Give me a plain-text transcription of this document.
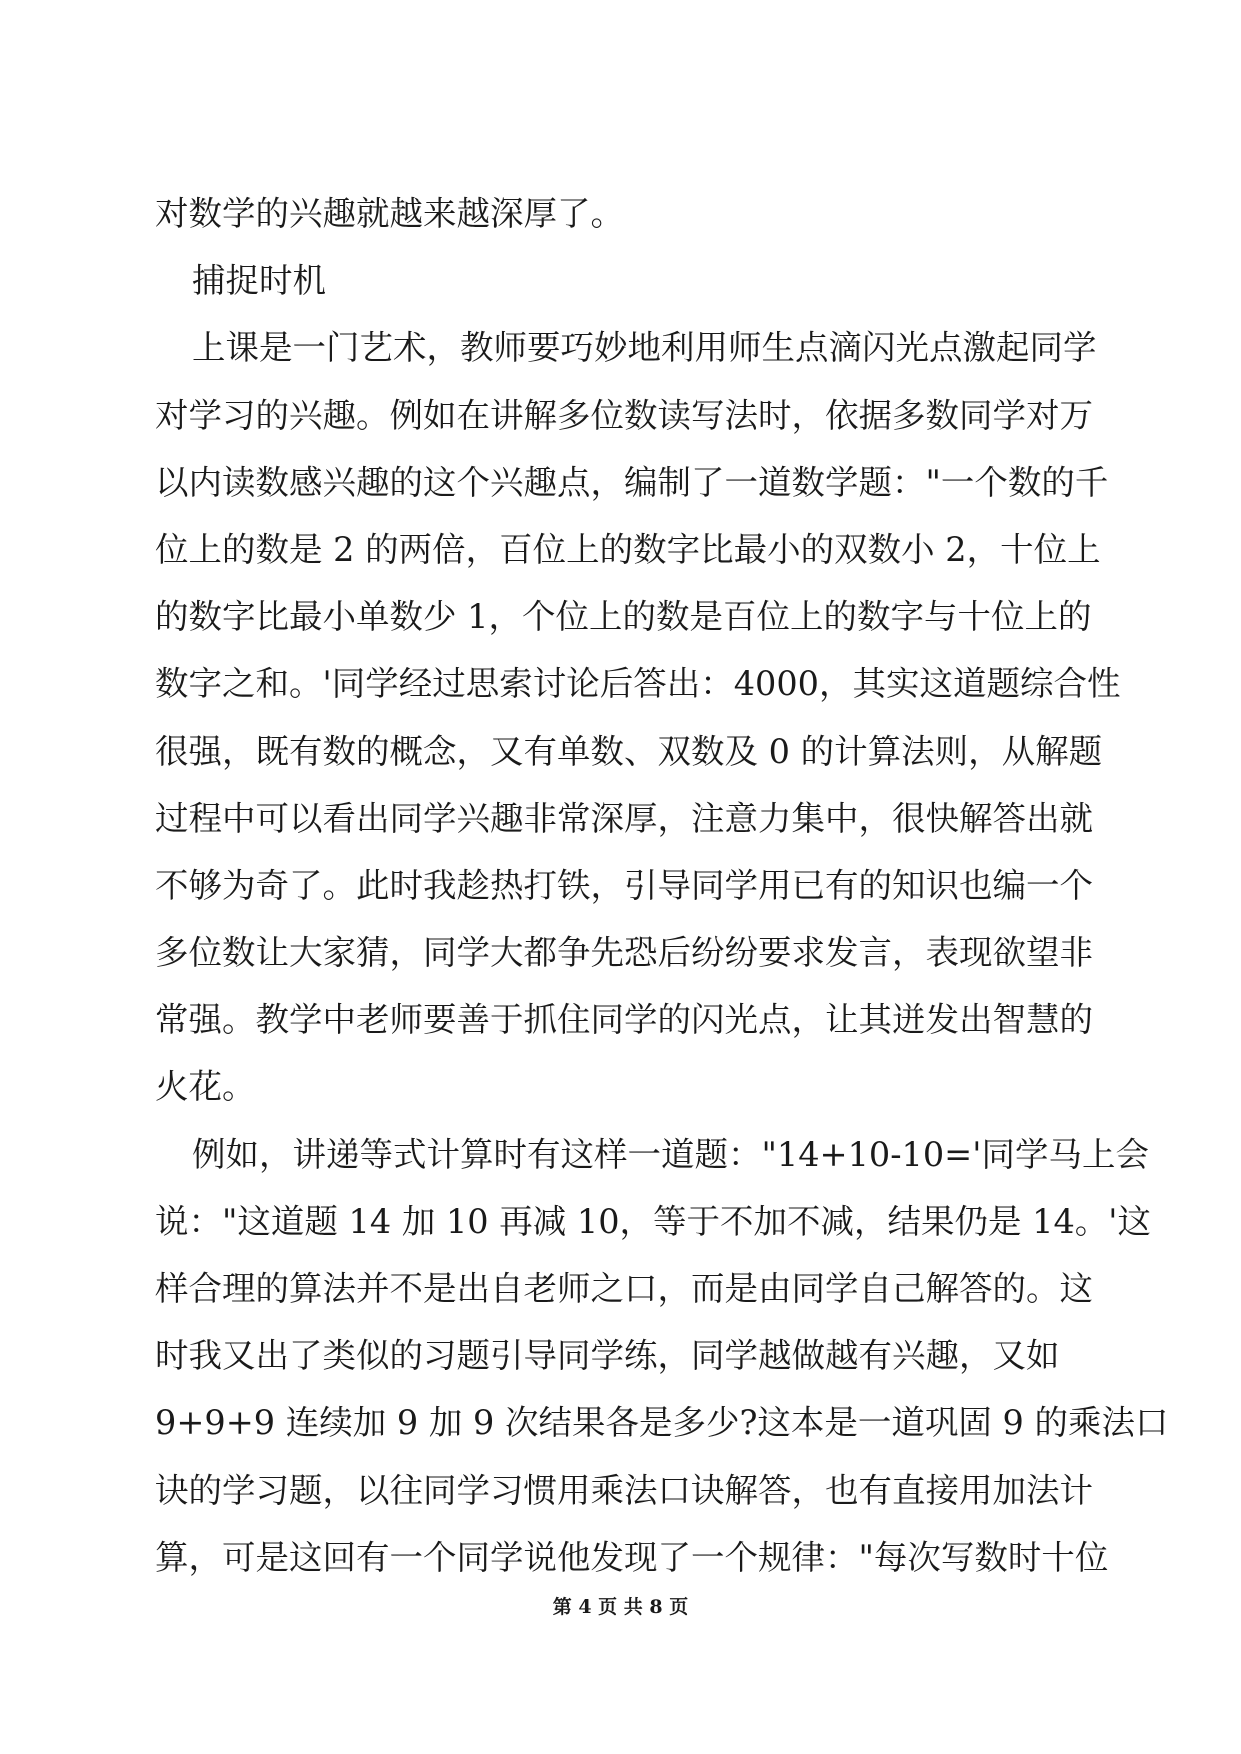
对数学的兴趣就越来越深厚了。
捕捉时机
上课是一门艺术，教师要巧妙地利用师生点滴闪光点激起同学
对学习的兴趣。例如在讲解多位数读写法时，依据多数同学对万
以内读数感兴趣的这个兴趣点，编制了一道数学题："一个数的千
位上的数是 2 的两倍，百位上的数字比最小的双数小 2，十位上
的数字比最小单数少 1，个位上的数是百位上的数字与十位上的
数字之和。'同学经过思索讨论后答出：4000，其实这道题综合性
很强，既有数的概念，又有单数、双数及 0 的计算法则，从解题
过程中可以看出同学兴趣非常深厚，注意力集中，很快解答出就
不够为奇了。此时我趁热打铁，引导同学用已有的知识也编一个
多位数让大家猜，同学大都争先恐后纷纷要求发言，表现欲望非
常强。教学中老师要善于抓住同学的闪光点，让其迸发出智慧的
火花。
例如，讲递等式计算时有这样一道题："14+10-10='同学马上会
说："这道题 14 加 10 再减 10，等于不加不减，结果仍是 14。'这
样合理的算法并不是出自老师之口，而是由同学自己解答的。这
时我又出了类似的习题引导同学练，同学越做越有兴趣，又如
9+9+9 连续加 9 加 9 次结果各是多少?这本是一道巩固 9 的乘法口
诀的学习题，以往同学习惯用乘法口诀解答，也有直接用加法计
算，可是这回有一个同学说他发现了一个规律："每次写数时十位
第 4 页 共 8 页
